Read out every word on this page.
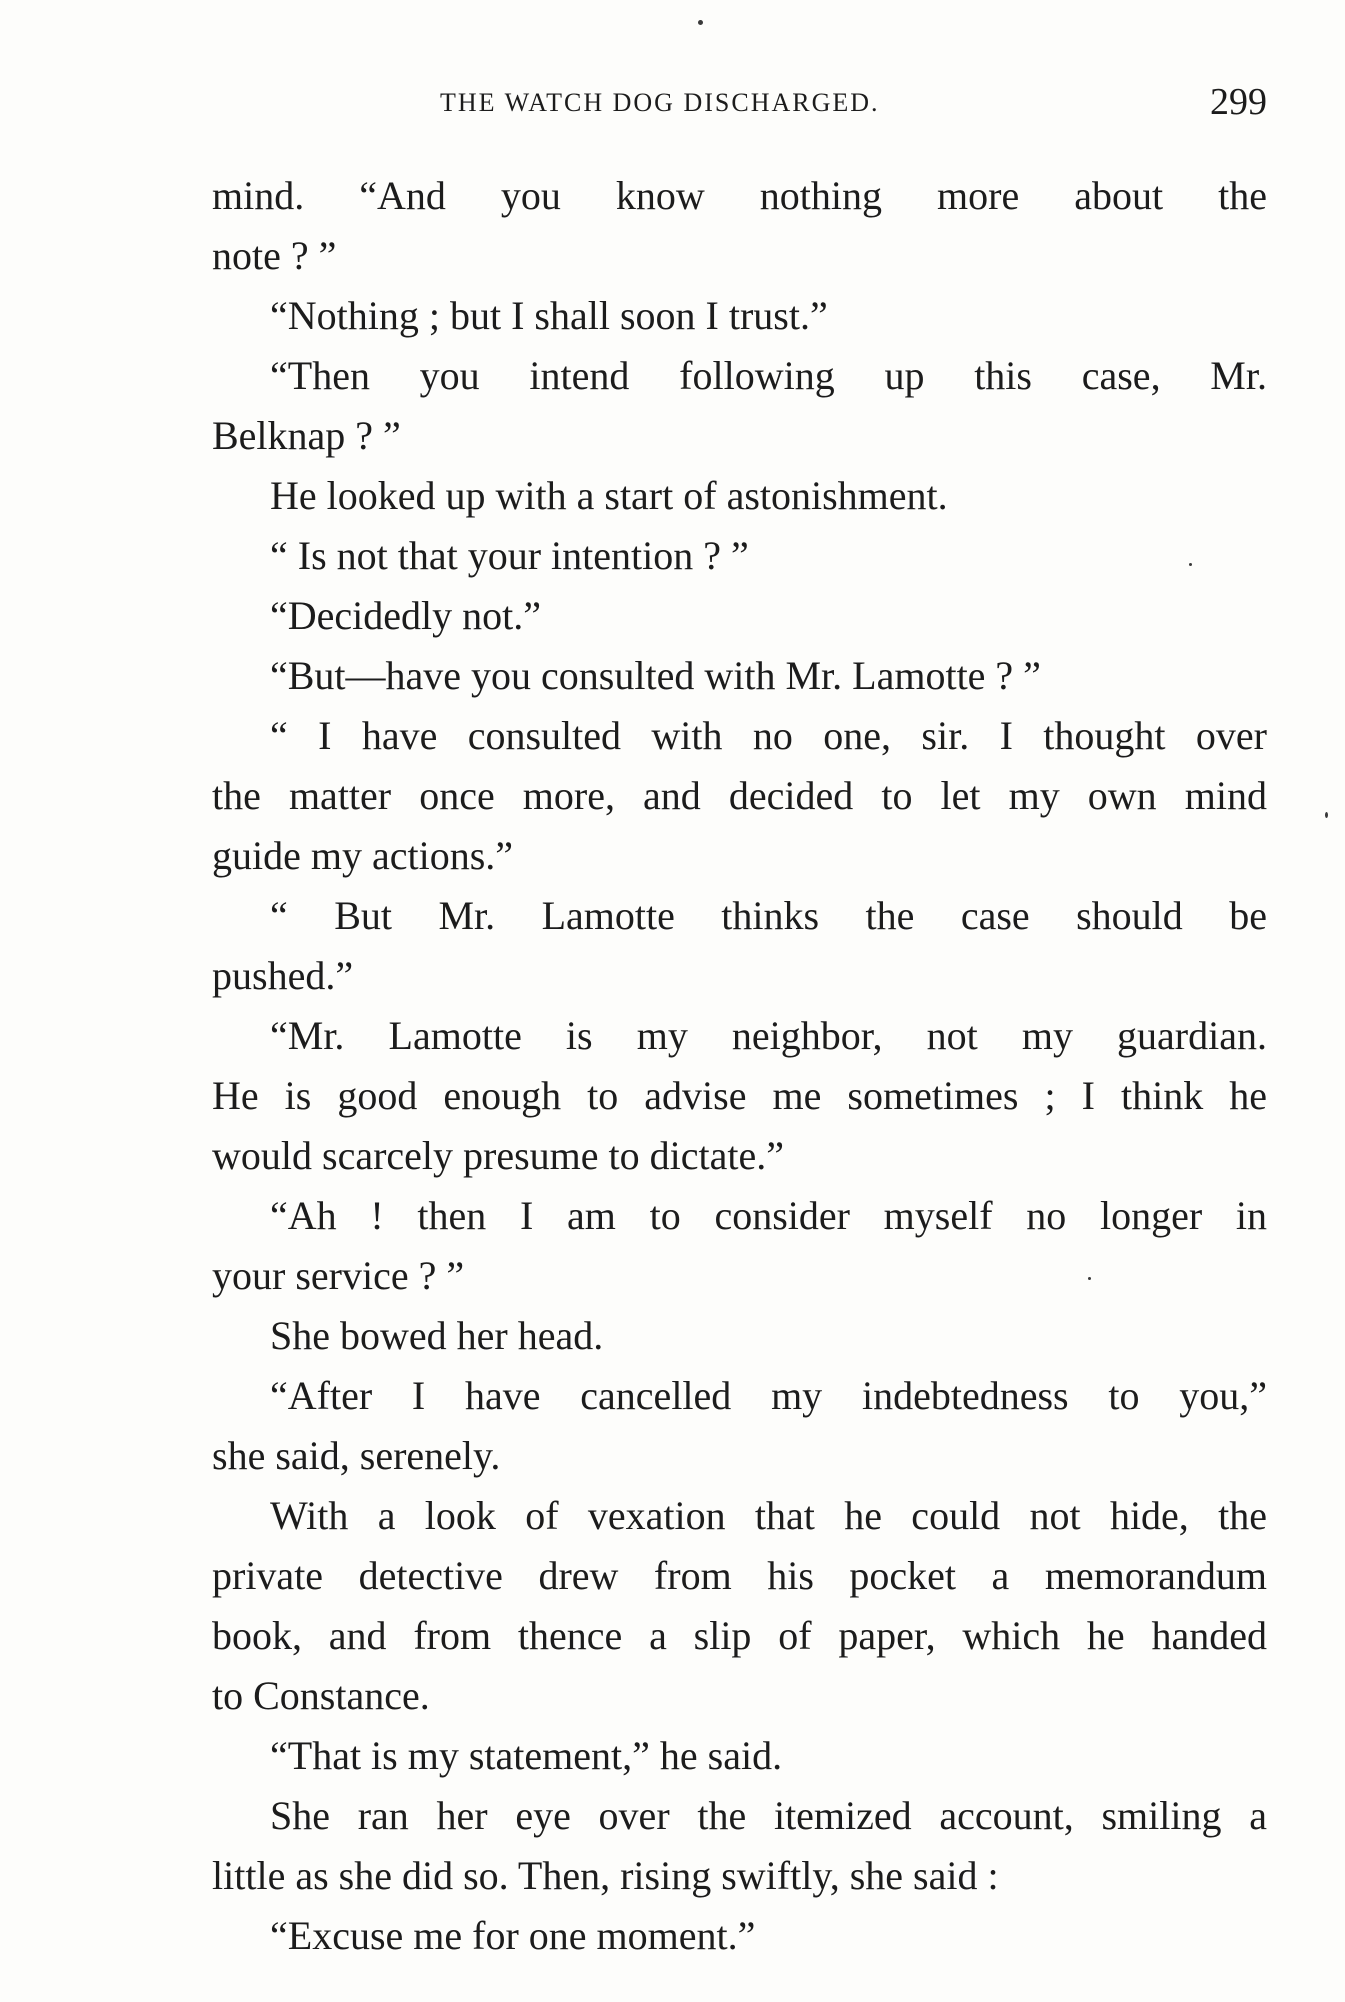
THE WATCH DOG DISCHARGED.	299
mind. “And you know nothing more about the
note ? ”
“Nothing ; but I shall soon I trust.”
“Then you intend following up this case, Mr.
Belknap ? ”
He looked up with a start of astonishment.
“ Is not that your intention ? ”
“Decidedly not.”
“But—have you consulted with Mr. Lamotte ? ”
“ I have consulted with no one, sir. I thought over
the matter once more, and decided to let my own mind
guide my actions.”
“ But Mr. Lamotte thinks the case should be
pushed.”
“Mr. Lamotte is my neighbor, not my guardian.
He is good enough to advise me sometimes ; I think he
would scarcely presume to dictate.”
“Ah ! then I am to consider myself no longer in
your service ? ”
She bowed her head.
“After I have cancelled my indebtedness to you,”
she said, serenely.
With a look of vexation that he could not hide, the
private detective drew from his pocket a memorandum
book, and from thence a slip of paper, which he handed
to Constance.
“That is my statement,” he said.
She ran her eye over the itemized account, smiling a
little as she did so. Then, rising swiftly, she said :
“Excuse me for one moment.”
